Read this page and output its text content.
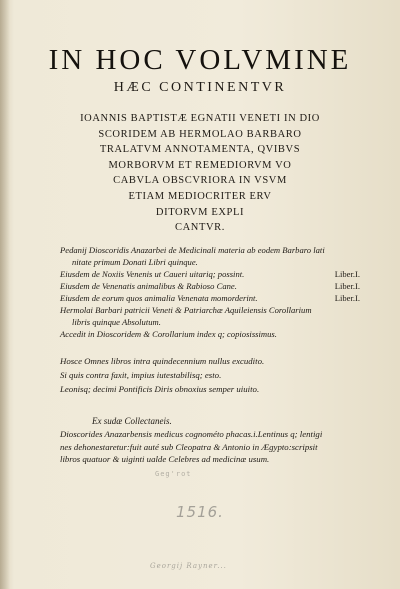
IN HOC VOLVMINE
HÆC CONTINENTVR
IOANNIS BAPTISTÆ EGNATII VENETI IN DIO
SCORIDEM AB HERMOLAO BARBARO
TRALATVM ANNOTAMENTA, QVIBVS
MORBORVM ET REMEDIORVM VO
CABVLA OBSCVRIORA IN VSVM
ETIAM MEDIOCRITER ERV
DITORVM EXPLI
CANTVR.
Pedanij Dioscoridis Anazarbei de Medicinali materia ab eodem Barbaro lati
nitate primum Donati Libri quinque.
Eiusdem de Noxiis Venenis ut Caueri uitariq; possint.	Liber.I.
Eiusdem de Venenatis animalibus & Rabioso Cane.	Liber.I.
Eiusdem de eorum quos animalia Venenata momorderint.	Liber.I.
Hermolai Barbari patricii Veneti & Patriarchæ Aquileiensis Corollarium
libris quinque Absolutum.
Accedit in Dioscoridem & Corollarium index q; copiosissimus.
Hosce Omnes libros intra quindecennium nullus excudito.
Si quis contra faxit, impius iutestabilisq; esto.
Leonisq; decimi Pontificis Diris obnoxius semper uiuito.
Ex sudæ Collectaneis.
Dioscorides Anazarbensis medicus cognométo phacas.i.Lentinus q; lentigi
nes dehonestaretur:fuit auté sub Cleopatra & Antonio in Ægypto:scripsit
libros quatuor & uiginti ualde Celebres ad medicinæ usum.
Geg'rot
1516.
Georgij Rayner...
